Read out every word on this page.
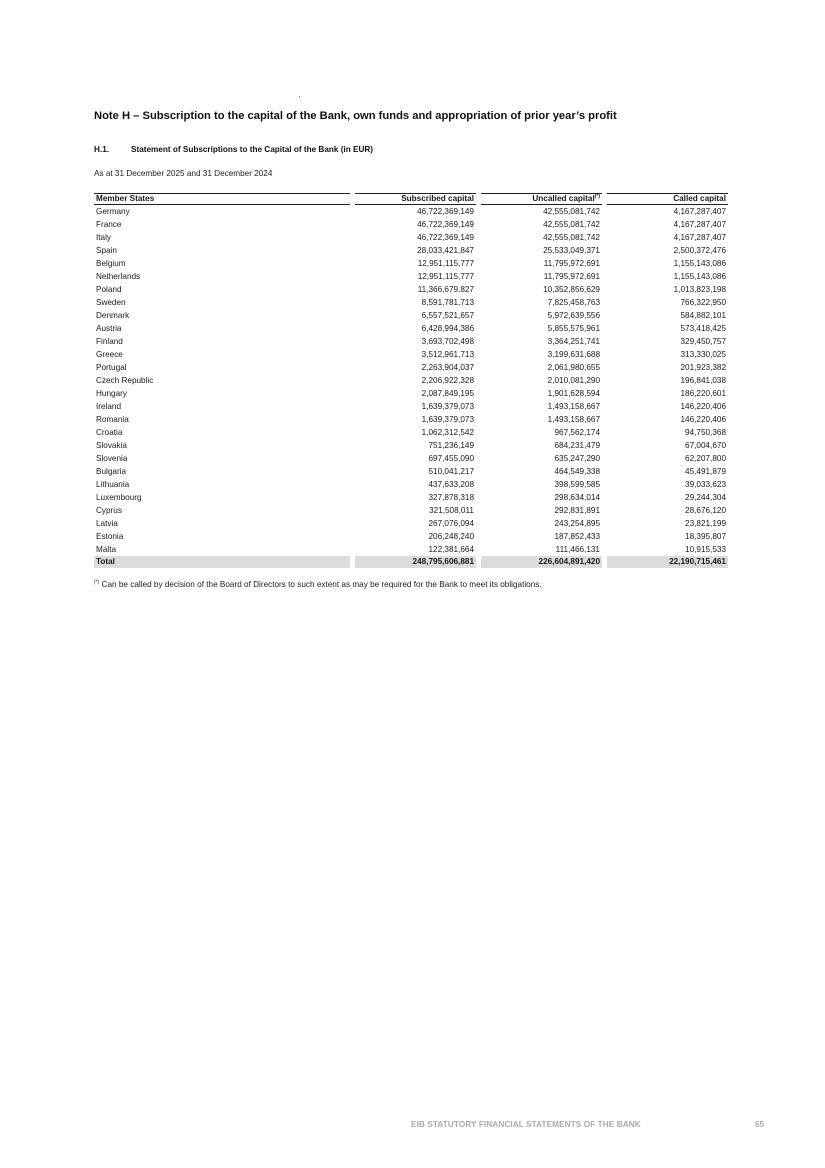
Note H – Subscription to the capital of the Bank, own funds and appropriation of prior year’s profit
H.1.	Statement of Subscriptions to the Capital of the Bank (in EUR)
As at 31 December 2025 and 31 December 2024
Member States		Subscribed capital		Uncalled capital(*)		Called capital
Germany		46,722,369,149		42,555,081,742		4,167,287,407
France		46,722,369,149		42,555,081,742		4,167,287,407
Italy		46,722,369,149		42,555,081,742		4,167,287,407
Spain		28,033,421,847		25,533,049,371		2,500,372,476
Belgium		12,951,115,777		11,795,972,691		1,155,143,086
Netherlands		12,951,115,777		11,795,972,691		1,155,143,086
Poland		11,366,679,827		10,352,856,629		1,013,823,198
Sweden		8,591,781,713		7,825,458,763		766,322,950
Denmark		6,557,521,657		5,972,639,556		584,882,101
Austria		6,428,994,386		5,855,575,961		573,418,425
Finland		3,693,702,498		3,364,251,741		329,450,757
Greece		3,512,961,713		3,199,631,688		313,330,025
Portugal		2,263,904,037		2,061,980,655		201,923,382
Czech Republic		2,206,922,328		2,010,081,290		196,841,038
Hungary		2,087,849,195		1,901,628,594		186,220,601
Ireland		1,639,379,073		1,493,158,667		146,220,406
Romania		1,639,379,073		1,493,158,667		146,220,406
Croatia		1,062,312,542		967,562,174		94,750,368
Slovakia		751,236,149		684,231,479		67,004,670
Slovenia		697,455,090		635,247,290		62,207,800
Bulgaria		510,041,217		464,549,338		45,491,879
Lithuania		437,633,208		398,599,585		39,033,623
Luxembourg		327,878,318		298,634,014		29,244,304
Cyprus		321,508,011		292,831,891		28,676,120
Latvia		267,076,094		243,254,895		23,821,199
Estonia		206,248,240		187,852,433		18,395,807
Malta		122,381,664		111,466,131		10,915,533
Total		248,795,606,881		226,604,891,420		22,190,715,461
(*) Can be called by decision of the Board of Directors to such extent as may be required for the Bank to meet its obligations.
EIB STATUTORY FINANCIAL STATEMENTS OF THE BANK	65
